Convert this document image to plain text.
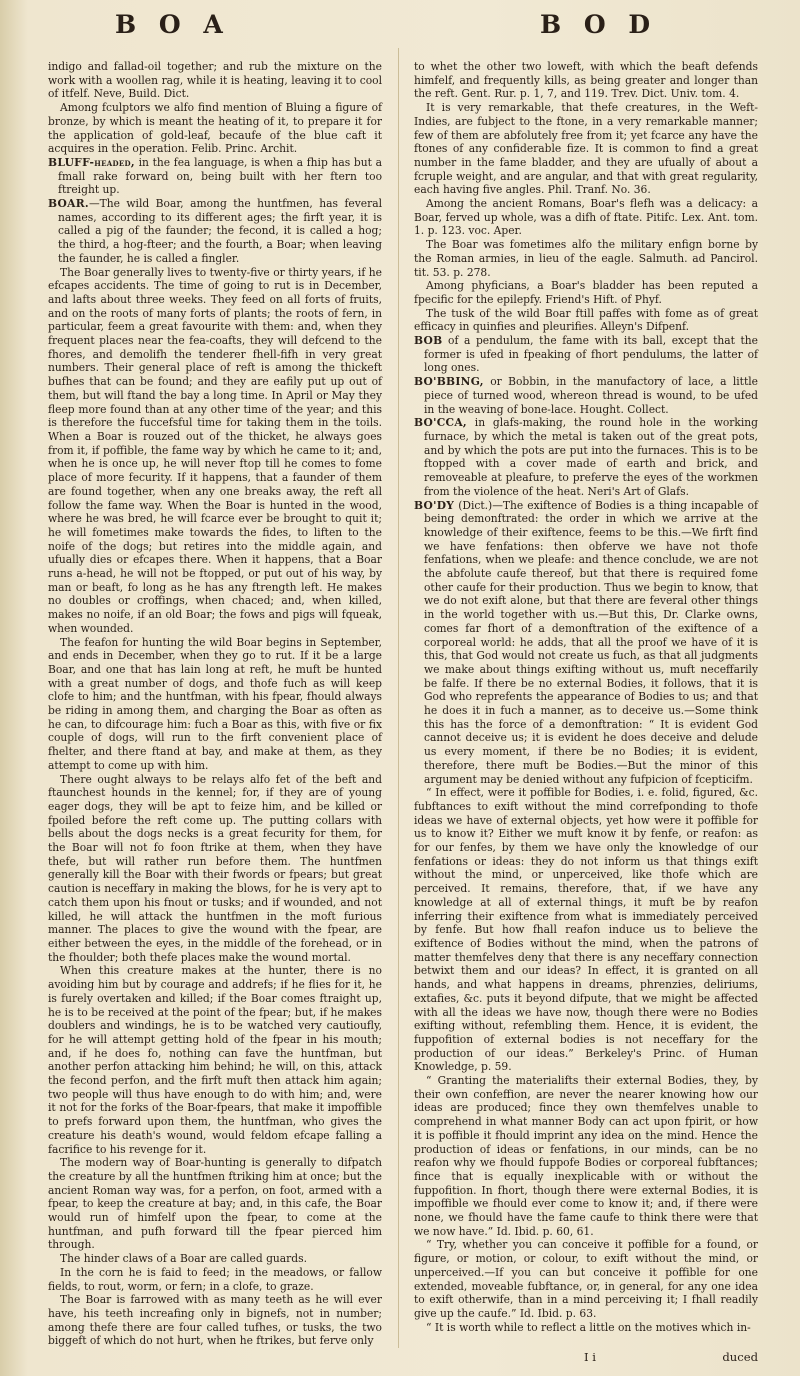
B O A	B O D

indigo and fallad-oil together; and rub the mixture on the work with a woollen rag, while it is heating, leaving it to cool of itfelf. Neve, Build. Dict.

Among fculptors we alfo find mention of Bluing a figure of bronze, by which is meant the heating of it, to prepare it for the application of gold-leaf, becaufe of the blue caft it acquires in the operation. Felib. Princ. Archit.

BLUFF-headed, in the fea language, is when a fhip has but a fmall rake forward on, being built with her ftern too ftreight up.

BOAR.—The wild Boar, among the huntfmen, has feveral names, according to its different ages; the firft year, it is called a pig of the faunder; the fecond, it is called a hog; the third, a hog-fteer; and the fourth, a Boar; when leaving the faunder, he is called a fingler.

The Boar generally lives to twenty-five or thirty years, if he efcapes accidents. The time of going to rut is in December, and lafts about three weeks. They feed on all forts of fruits, and on the roots of many forts of plants; the roots of fern, in particular, feem a great favourite with them: and, when they frequent places near the fea-coafts, they will defcend to the fhores, and demolifh the tenderer fhell-fifh in very great numbers. Their general place of reft is among the thickeft bufhes that can be found; and they are eafily put up out of them, but will ftand the bay a long time. In April or May they fleep more found than at any other time of the year; and this is therefore the fuccefsful time for taking them in the toils. When a Boar is rouzed out of the thicket, he always goes from it, if poffible, the fame way by which he came to it; and, when he is once up, he will never ftop till he comes to fome place of more fecurity. If it happens, that a faunder of them are found together, when any one breaks away, the reft all follow the fame way. When the Boar is hunted in the wood, where he was bred, he will fcarce ever be brought to quit it; he will fometimes make towards the fides, to liften to the noife of the dogs; but retires into the middle again, and ufually dies or efcapes there. When it happens, that a Boar runs a-head, he will not be ftopped, or put out of his way, by man or beaft, fo long as he has any ftrength left. He makes no doubles or croffings, when chaced; and, when killed, makes no noife, if an old Boar; the fows and pigs will fqueak, when wounded.

The feafon for hunting the wild Boar begins in September, and ends in December, when they go to rut. If it be a large Boar, and one that has lain long at reft, he muft be hunted with a great number of dogs, and thofe fuch as will keep clofe to him; and the huntfman, with his fpear, fhould always be riding in among them, and charging the Boar as often as he can, to difcourage him: fuch a Boar as this, with five or fix couple of dogs, will run to the firft convenient place of fhelter, and there ftand at bay, and make at them, as they attempt to come up with him.

There ought always to be relays alfo fet of the beft and ftaunchest hounds in the kennel; for, if they are of young eager dogs, they will be apt to feize him, and be killed or fpoiled before the reft come up. The putting collars with bells about the dogs necks is a great fecurity for them, for the Boar will not fo foon ftrike at them, when they have thefe, but will rather run before them. The huntfmen generally kill the Boar with their fwords or fpears; but great caution is neceffary in making the blows, for he is very apt to catch them upon his fnout or tusks; and if wounded, and not killed, he will attack the huntfmen in the moft furious manner. The places to give the wound with the fpear, are either between the eyes, in the middle of the forehead, or in the fhoulder; both thefe places make the wound mortal.

When this creature makes at the hunter, there is no avoiding him but by courage and addrefs; if he flies for it, he is furely overtaken and killed; if the Boar comes ftraight up, he is to be received at the point of the fpear; but, if he makes doublers and windings, he is to be watched very cautioufly, for he will attempt getting hold of the fpear in his mouth; and, if he does fo, nothing can fave the huntfman, but another perfon attacking him behind; he will, on this, attack the fecond perfon, and the firft muft then attack him again; two people will thus have enough to do with him; and, were it not for the forks of the Boar-fpears, that make it impoffible to prefs forward upon them, the huntfman, who gives the creature his death's wound, would feldom efcape falling a facrifice to his revenge for it.

The modern way of Boar-hunting is generally to difpatch the creature by all the huntfmen ftriking him at once; but the ancient Roman way was, for a perfon, on foot, armed with a fpear, to keep the creature at bay; and, in this cafe, the Boar would run of himfelf upon the fpear, to come at the huntfman, and pufh forward till the fpear pierced him through.

The hinder claws of a Boar are called guards.

In the corn he is faid to feed; in the meadows, or fallow fields, to rout, worm, or fern; in a clofe, to graze.

The Boar is farrowed with as many teeth as he will ever have, his teeth increafing only in bignefs, not in number; among thefe there are four called tufhes, or tusks, the two biggeft of which do not hurt, when he ftrikes, but ferve only

to whet the other two loweft, with which the beaft defends himfelf, and frequently kills, as being greater and longer than the reft. Gent. Rur. p. 1, 7, and 119. Trev. Dict. Univ. tom. 4.

It is very remarkable, that thefe creatures, in the Weft-Indies, are fubject to the ftone, in a very remarkable manner; few of them are abfolutely free from it; yet fcarce any have the ftones of any confiderable fize. It is common to find a great number in the fame bladder, and they are ufually of about a fcruple weight, and are angular, and that with great regularity, each having five angles. Phil. Tranf. No. 36.

Among the ancient Romans, Boar's flefh was a delicacy: a Boar, ferved up whole, was a difh of ftate. Pitifc. Lex. Ant. tom. 1. p. 123. voc. Aper.

The Boar was fometimes alfo the military enfign borne by the Roman armies, in lieu of the eagle. Salmuth. ad Pancirol. tit. 53. p. 278.

Among phyficians, a Boar's bladder has been reputed a fpecific for the epilepfy. Friend's Hift. of Phyf.

The tusk of the wild Boar ftill paffes with fome as of great efficacy in quinfies and pleurifies. Alleyn's Difpenf.

BOB of a pendulum, the fame with its ball, except that the former is ufed in fpeaking of fhort pendulums, the latter of long ones.

BO'BBING, or Bobbin, in the manufactory of lace, a little piece of turned wood, whereon thread is wound, to be ufed in the weaving of bone-lace. Hought. Collect.

BO'CCA, in glafs-making, the round hole in the working furnace, by which the metal is taken out of the great pots, and by which the pots are put into the furnaces. This is to be ftopped with a cover made of earth and brick, and removeable at pleafure, to preferve the eyes of the workmen from the violence of the heat. Neri's Art of Glafs.

BO'DY (Dict.)—The exiftence of Bodies is a thing incapable of being demonftrated: the order in which we arrive at the knowledge of their exiftence, feems to be this.—We firft find we have fenfations: then obferve we have not thofe fenfations, when we pleafe: and thence conclude, we are not the abfolute caufe thereof, but that there is required fome other caufe for their production. Thus we begin to know, that we do not exift alone, but that there are feveral other things in the world together with us.—But this, Dr. Clarke owns, comes far fhort of a demonftration of the exiftence of a corporeal world: he adds, that all the proof we have of it is this, that God would not create us fuch, as that all judgments we make about things exifting without us, muft neceffarily be falfe. If there be no external Bodies, it follows, that it is God who reprefents the appearance of Bodies to us; and that he does it in fuch a manner, as to deceive us.—Some think this has the force of a demonftration: “ It is evident God cannot deceive us; it is evident he does deceive and delude us every moment, if there be no Bodies; it is evident, therefore, there muft be Bodies.—But the minor of this argument may be denied without any fufpicion of fcepticifm.

“ In effect, were it poffible for Bodies, i. e. folid, figured, &c. fubftances to exift without the mind correfponding to thofe ideas we have of external objects, yet how were it poffible for us to know it? Either we muft know it by fenfe, or reafon: as for our fenfes, by them we have only the knowledge of our fenfations or ideas: they do not inform us that things exift without the mind, or unperceived, like thofe which are perceived. It remains, therefore, that, if we have any knowledge at all of external things, it muft be by reafon inferring their exiftence from what is immediately perceived by fenfe. But how fhall reafon induce us to believe the exiftence of Bodies without the mind, when the patrons of matter themfelves deny that there is any neceffary connection betwixt them and our ideas? In effect, it is granted on all hands, and what happens in dreams, phrenzies, deliriums, extafies, &c. puts it beyond difpute, that we might be affected with all the ideas we have now, though there were no Bodies exifting without, refembling them. Hence, it is evident, the fuppofition of external bodies is not neceffary for the production of our ideas.” Berkeley's Princ. of Human Knowledge, p. 59.

“ Granting the materialifts their external Bodies, they, by their own confeffion, are never the nearer knowing how our ideas are produced; fince they own themfelves unable to comprehend in what manner Body can act upon fpirit, or how it is poffible it fhould imprint any idea on the mind. Hence the production of ideas or fenfations, in our minds, can be no reafon why we fhould fuppofe Bodies or corporeal fubftances; fince that is equally inexplicable with or without the fuppofition. In fhort, though there were external Bodies, it is impoffible we fhould ever come to know it; and, if there were none, we fhould have the fame caufe to think there were that we now have.” Id. Ibid. p. 60, 61.

“ Try, whether you can conceive it poffible for a found, or figure, or motion, or colour, to exift without the mind, or unperceived.—If you can but conceive it poffible for one extended, moveable fubftance, or, in general, for any one idea to exift otherwife, than in a mind perceiving it; I fhall readily give up the caufe.” Id. Ibid. p. 63.

“ It is worth while to reflect a little on the motives which in-

I i	duced
